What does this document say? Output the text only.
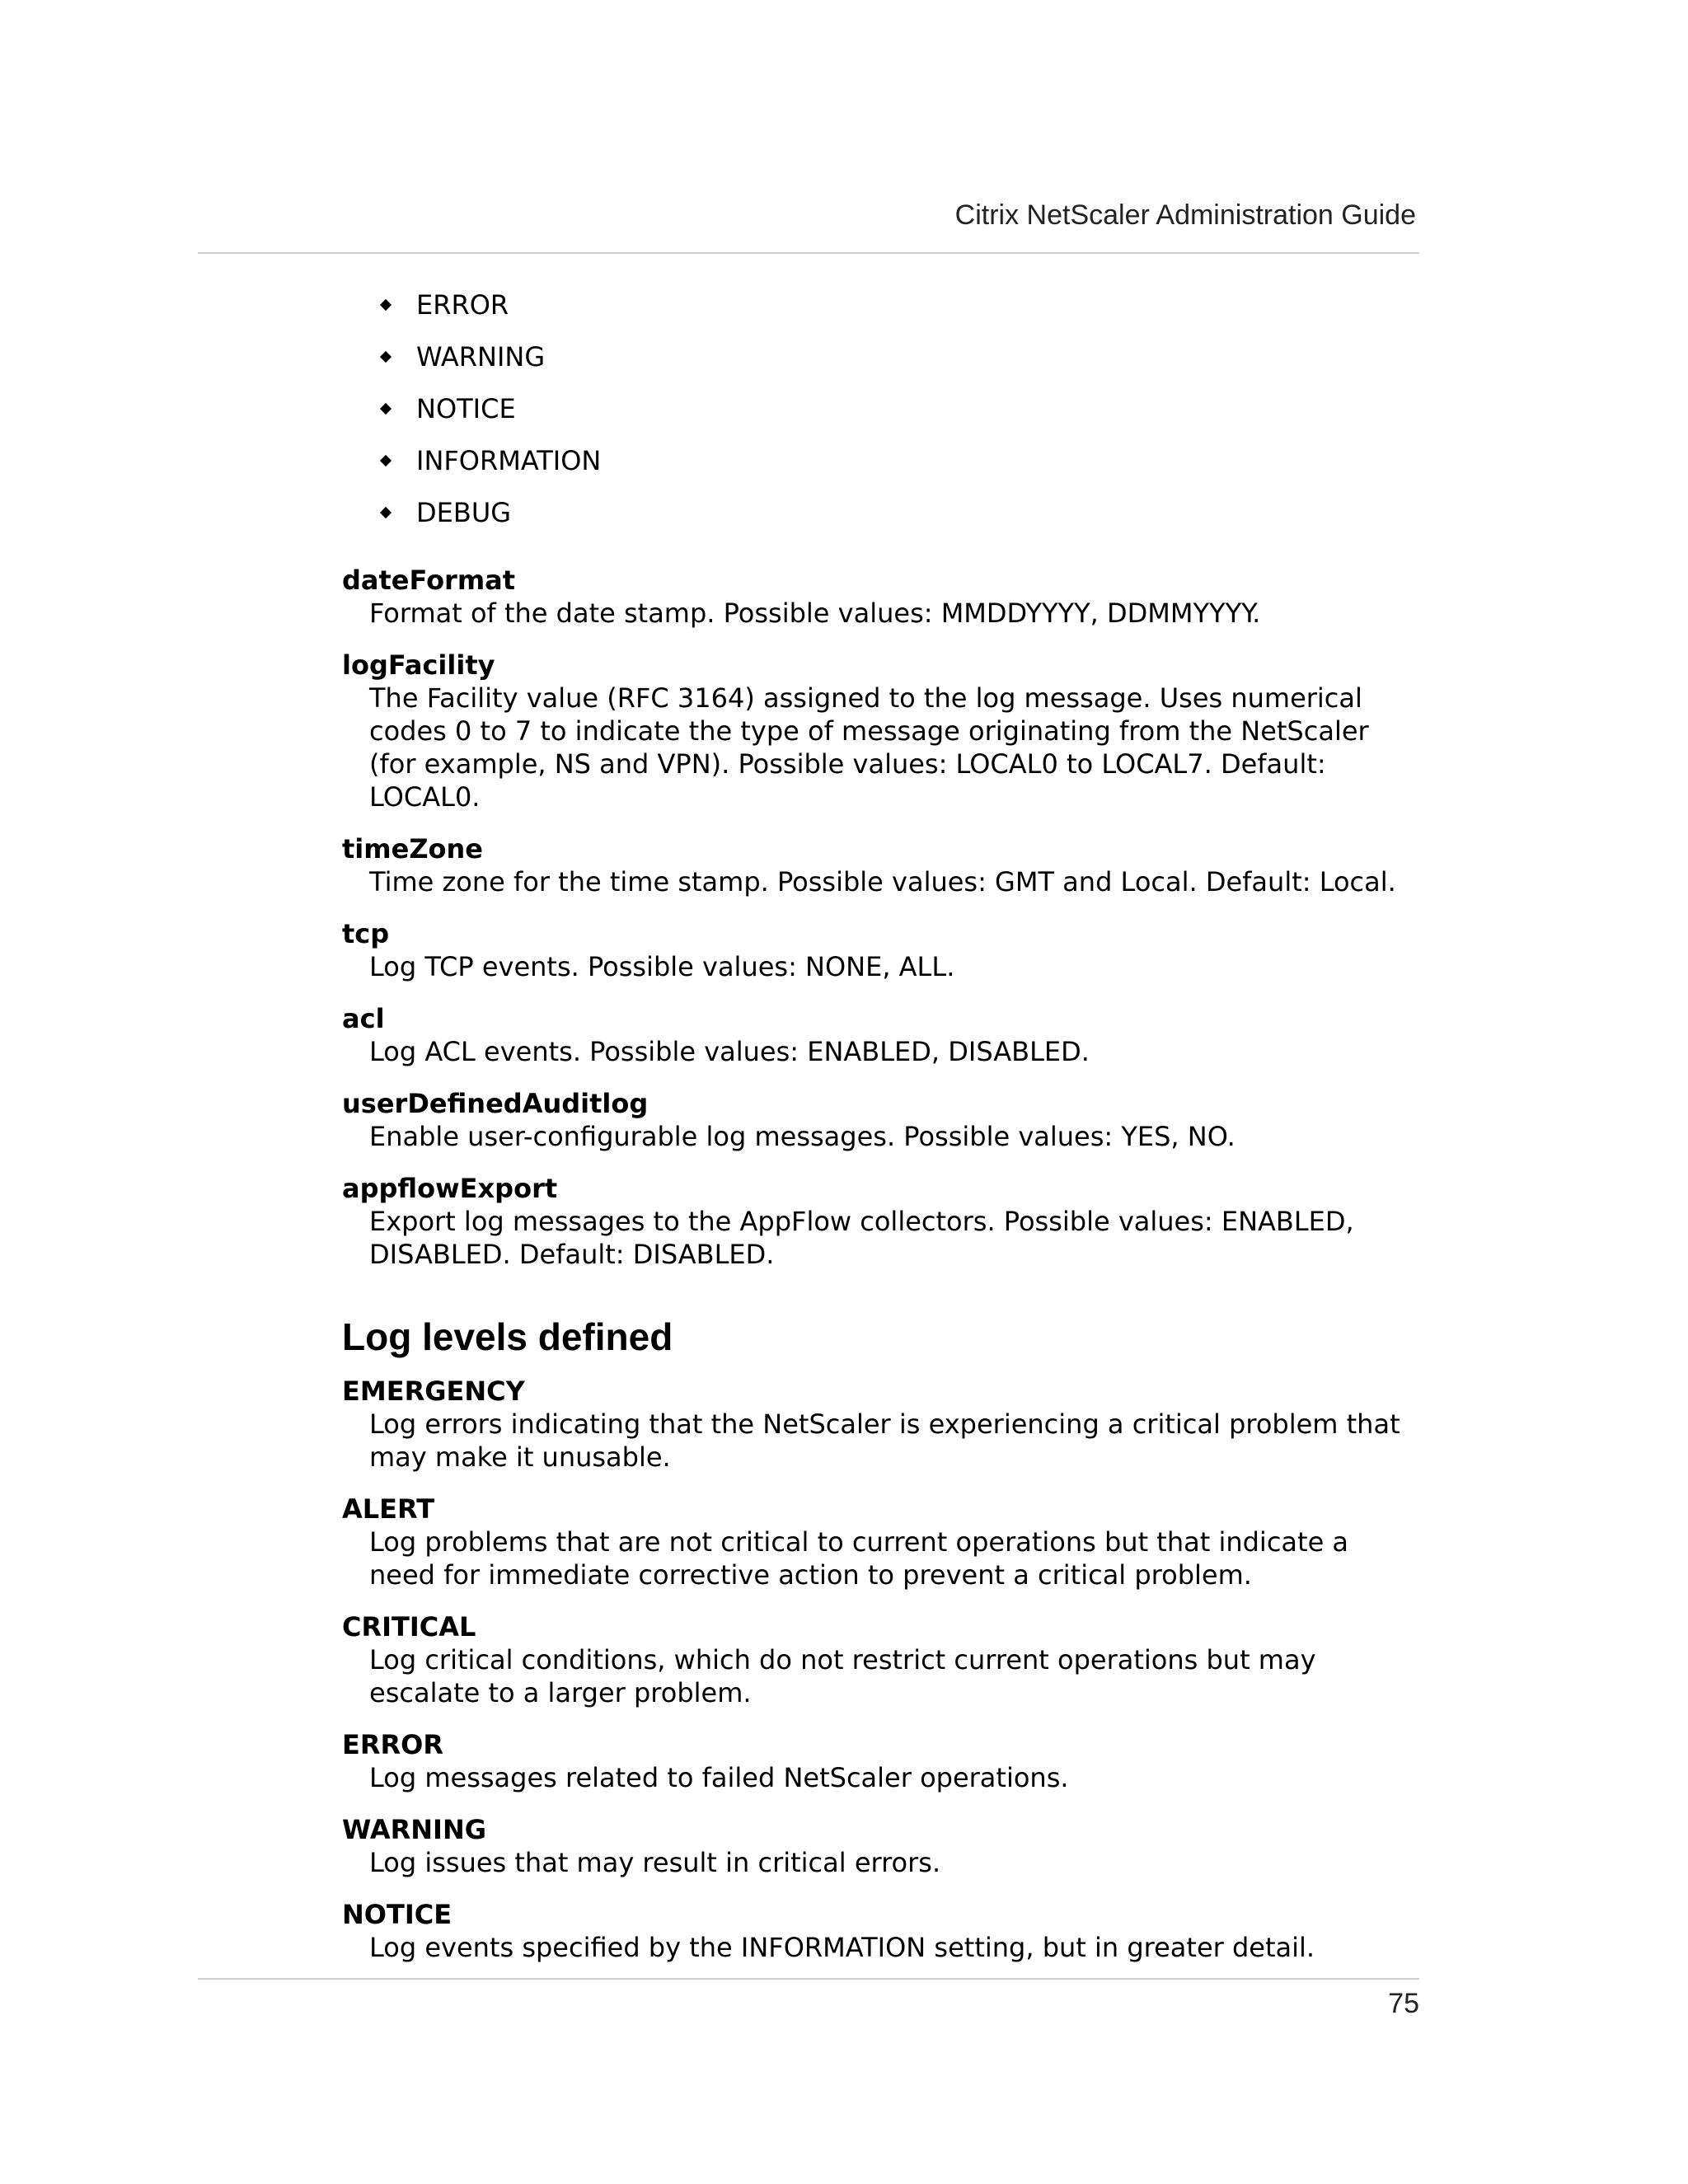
Citrix NetScaler Administration Guide
ERROR
WARNING
NOTICE
INFORMATION
DEBUG
dateFormat
Format of the date stamp. Possible values: MMDDYYYY, DDMMYYYY.
logFacility
The Facility value (RFC 3164) assigned to the log message. Uses numerical codes 0 to 7 to indicate the type of message originating from the NetScaler (for example, NS and VPN). Possible values: LOCAL0 to LOCAL7. Default: LOCAL0.
timeZone
Time zone for the time stamp. Possible values: GMT and Local. Default: Local.
tcp
Log TCP events. Possible values: NONE, ALL.
acl
Log ACL events. Possible values: ENABLED, DISABLED.
userDefinedAuditlog
Enable user-configurable log messages. Possible values: YES, NO.
appflowExport
Export log messages to the AppFlow collectors. Possible values: ENABLED, DISABLED. Default: DISABLED.
Log levels defined
EMERGENCY
Log errors indicating that the NetScaler is experiencing a critical problem that may make it unusable.
ALERT
Log problems that are not critical to current operations but that indicate a need for immediate corrective action to prevent a critical problem.
CRITICAL
Log critical conditions, which do not restrict current operations but may escalate to a larger problem.
ERROR
Log messages related to failed NetScaler operations.
WARNING
Log issues that may result in critical errors.
NOTICE
Log events specified by the INFORMATION setting, but in greater detail.
75
